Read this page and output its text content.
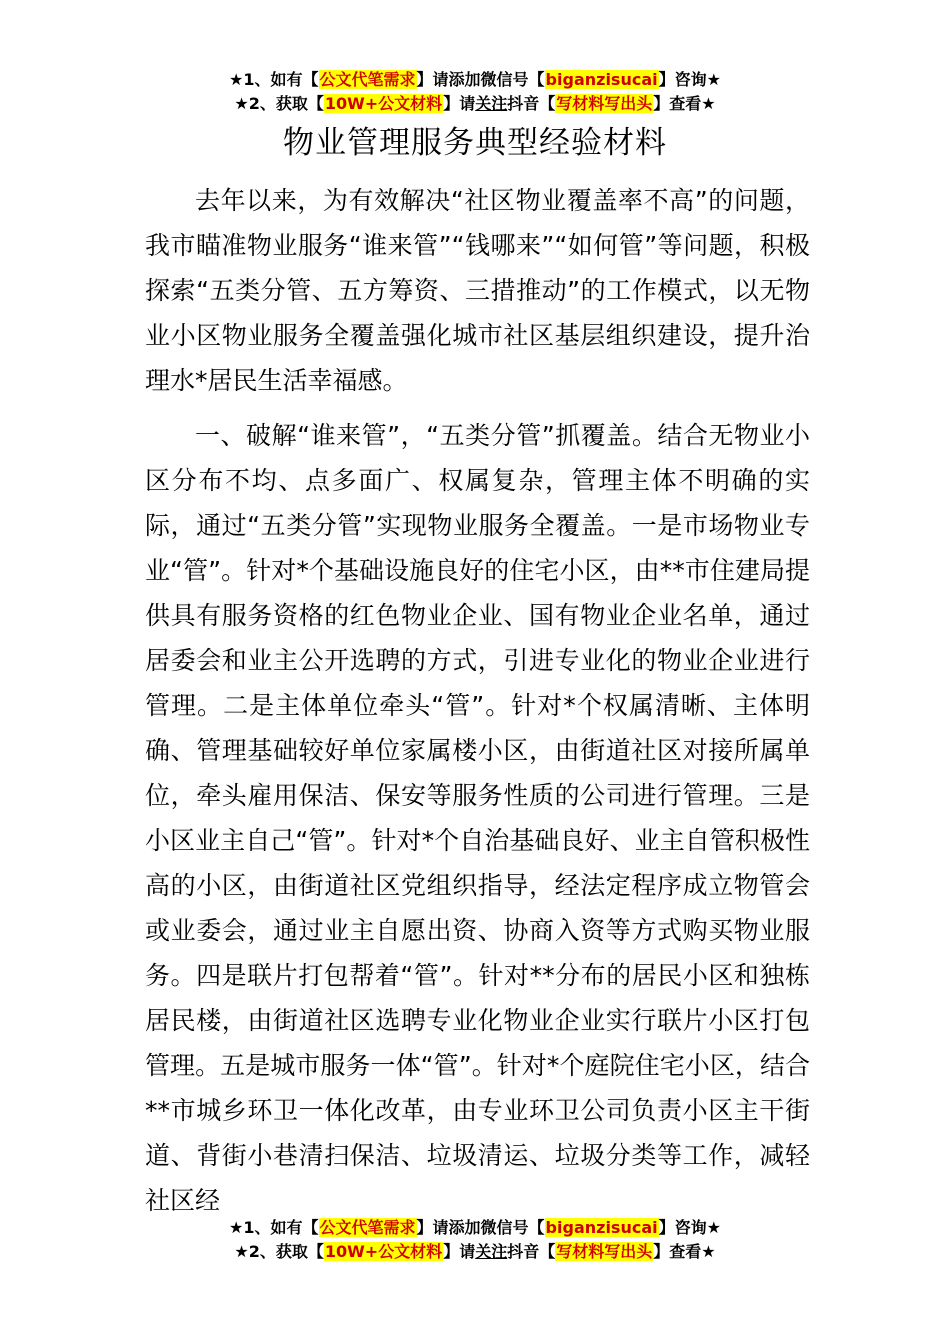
★1、如有【公文代笔需求】请添加微信号【biganzisucai】咨询★
★2、获取【10W+公文材料】请关注抖音【写材料写出头】查看★
物业管理服务典型经验材料

去年以来，为有效解决“社区物业覆盖率不高”的问题，我市瞄准物业服务“谁来管”“钱哪来”“如何管”等问题，积极探索“五类分管、五方筹资、三措推动”的工作模式，以无物业小区物业服务全覆盖强化城市社区基层组织建设，提升治理水*居民生活幸福感。

一、破解“谁来管”，“五类分管”抓覆盖。结合无物业小区分布不均、点多面广、权属复杂，管理主体不明确的实际，通过“五类分管”实现物业服务全覆盖。一是市场物业专业“管”。针对*个基础设施良好的住宅小区，由**市住建局提供具有服务资格的红色物业企业、国有物业企业名单，通过居委会和业主公开选聘的方式，引进专业化的物业企业进行管理。二是主体单位牵头“管”。针对*个权属清晰、主体明确、管理基础较好单位家属楼小区，由街道社区对接所属单位，牵头雇用保洁、保安等服务性质的公司进行管理。三是小区业主自己“管”。针对*个自治基础良好、业主自管积极性高的小区，由街道社区党组织指导，经法定程序成立物管会或业委会，通过业主自愿出资、协商入资等方式购买物业服务。四是联片打包帮着“管”。针对**分布的居民小区和独栋居民楼，由街道社区选聘专业化物业企业实行联片小区打包管理。五是城市服务一体“管”。针对*个庭院住宅小区，结合**市城乡环卫一体化改革，由专业环卫公司负责小区主干街道、背街小巷清扫保洁、垃圾清运、垃圾分类等工作，减轻社区经

★1、如有【公文代笔需求】请添加微信号【biganzisucai】咨询★
★2、获取【10W+公文材料】请关注抖音【写材料写出头】查看★
